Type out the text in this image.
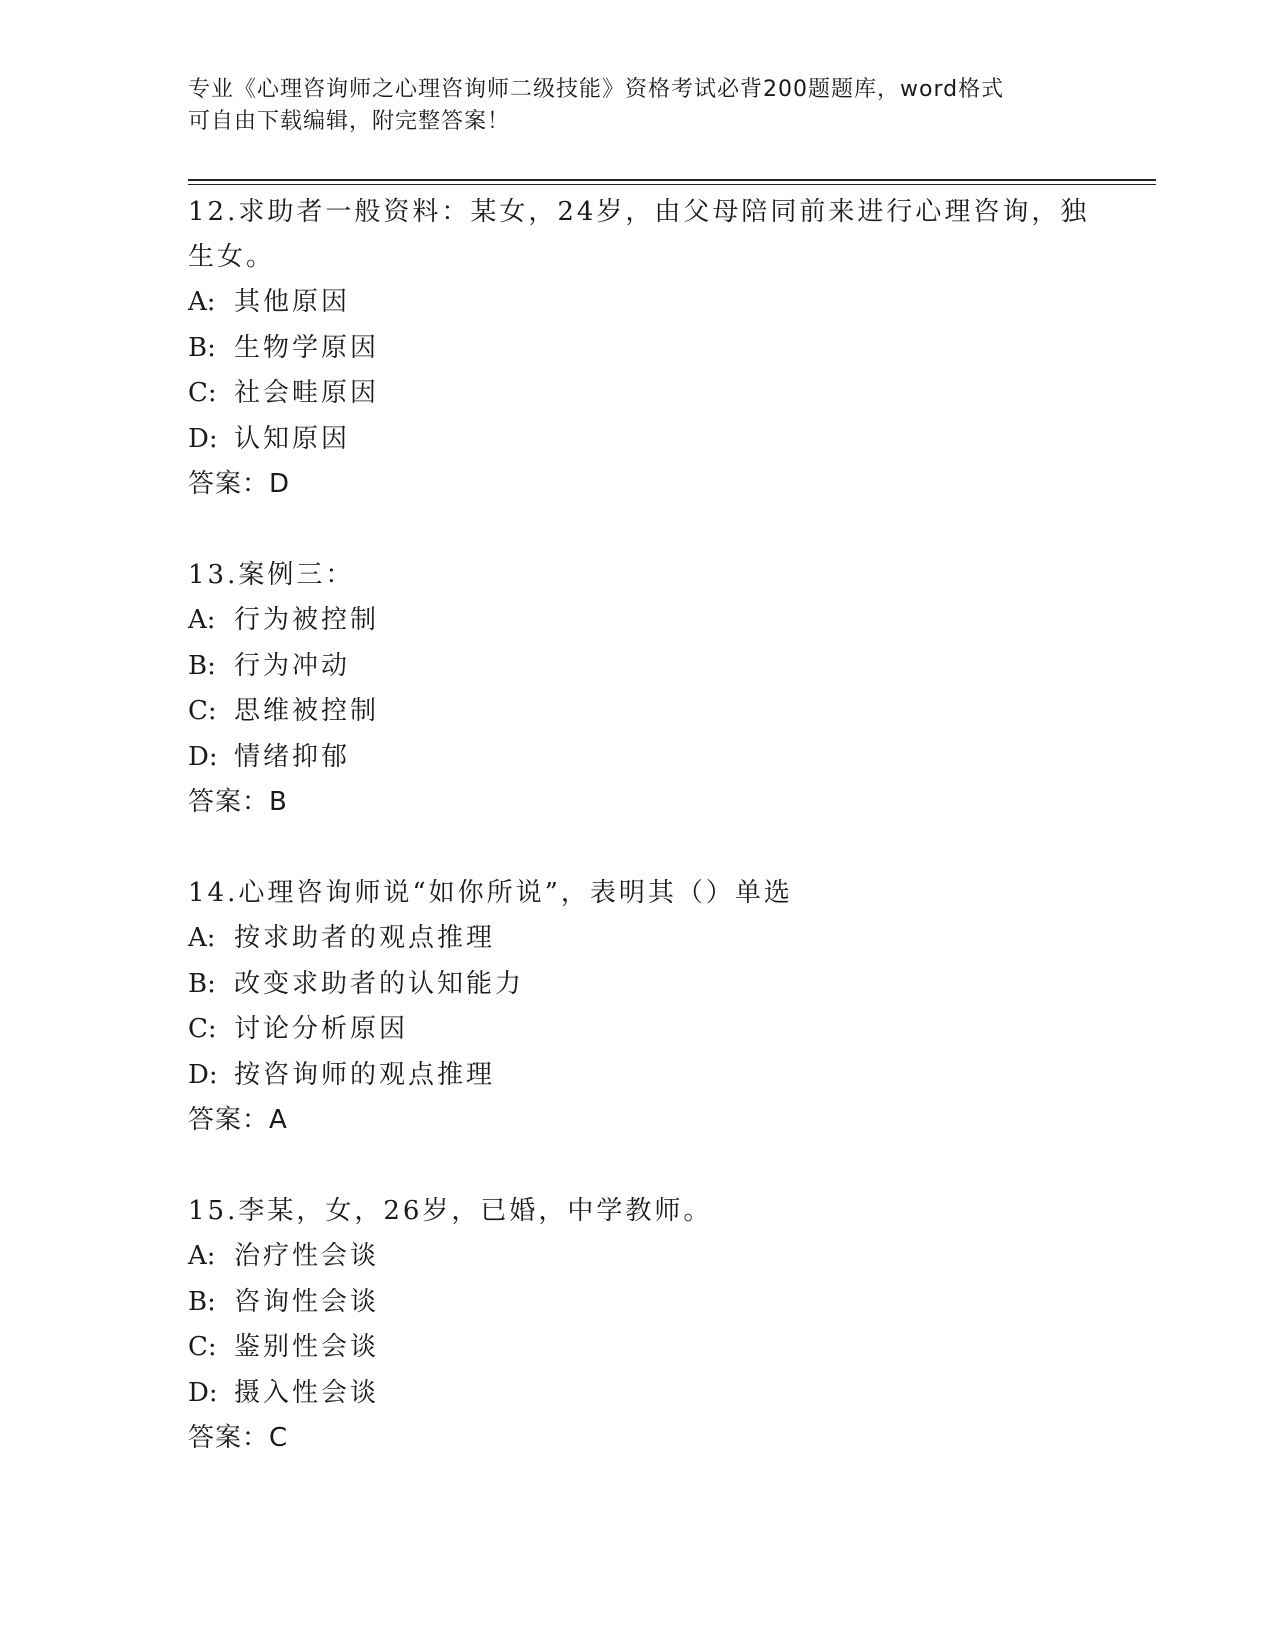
专业《心理咨询师之心理咨询师二级技能》资格考试必背200题题库，word格式
可自由下载编辑，附完整答案！

12.求助者一般资料：某女，24岁，由父母陪同前来进行心理咨询，独生女。

A: 其他原因

B: 生物学原因

C: 社会畦原因

D: 认知原因

答案：D

13.案例三：

A: 行为被控制

B: 行为冲动

C: 思维被控制

D: 情绪抑郁

答案：B

14.心理咨询师说“如你所说”，表明其（）单选

A: 按求助者的观点推理

B: 改变求助者的认知能力

C: 讨论分析原因

D: 按咨询师的观点推理

答案：A

15.李某，女，26岁，已婚，中学教师。

A: 治疗性会谈

B: 咨询性会谈

C: 鉴别性会谈

D: 摄入性会谈

答案：C
